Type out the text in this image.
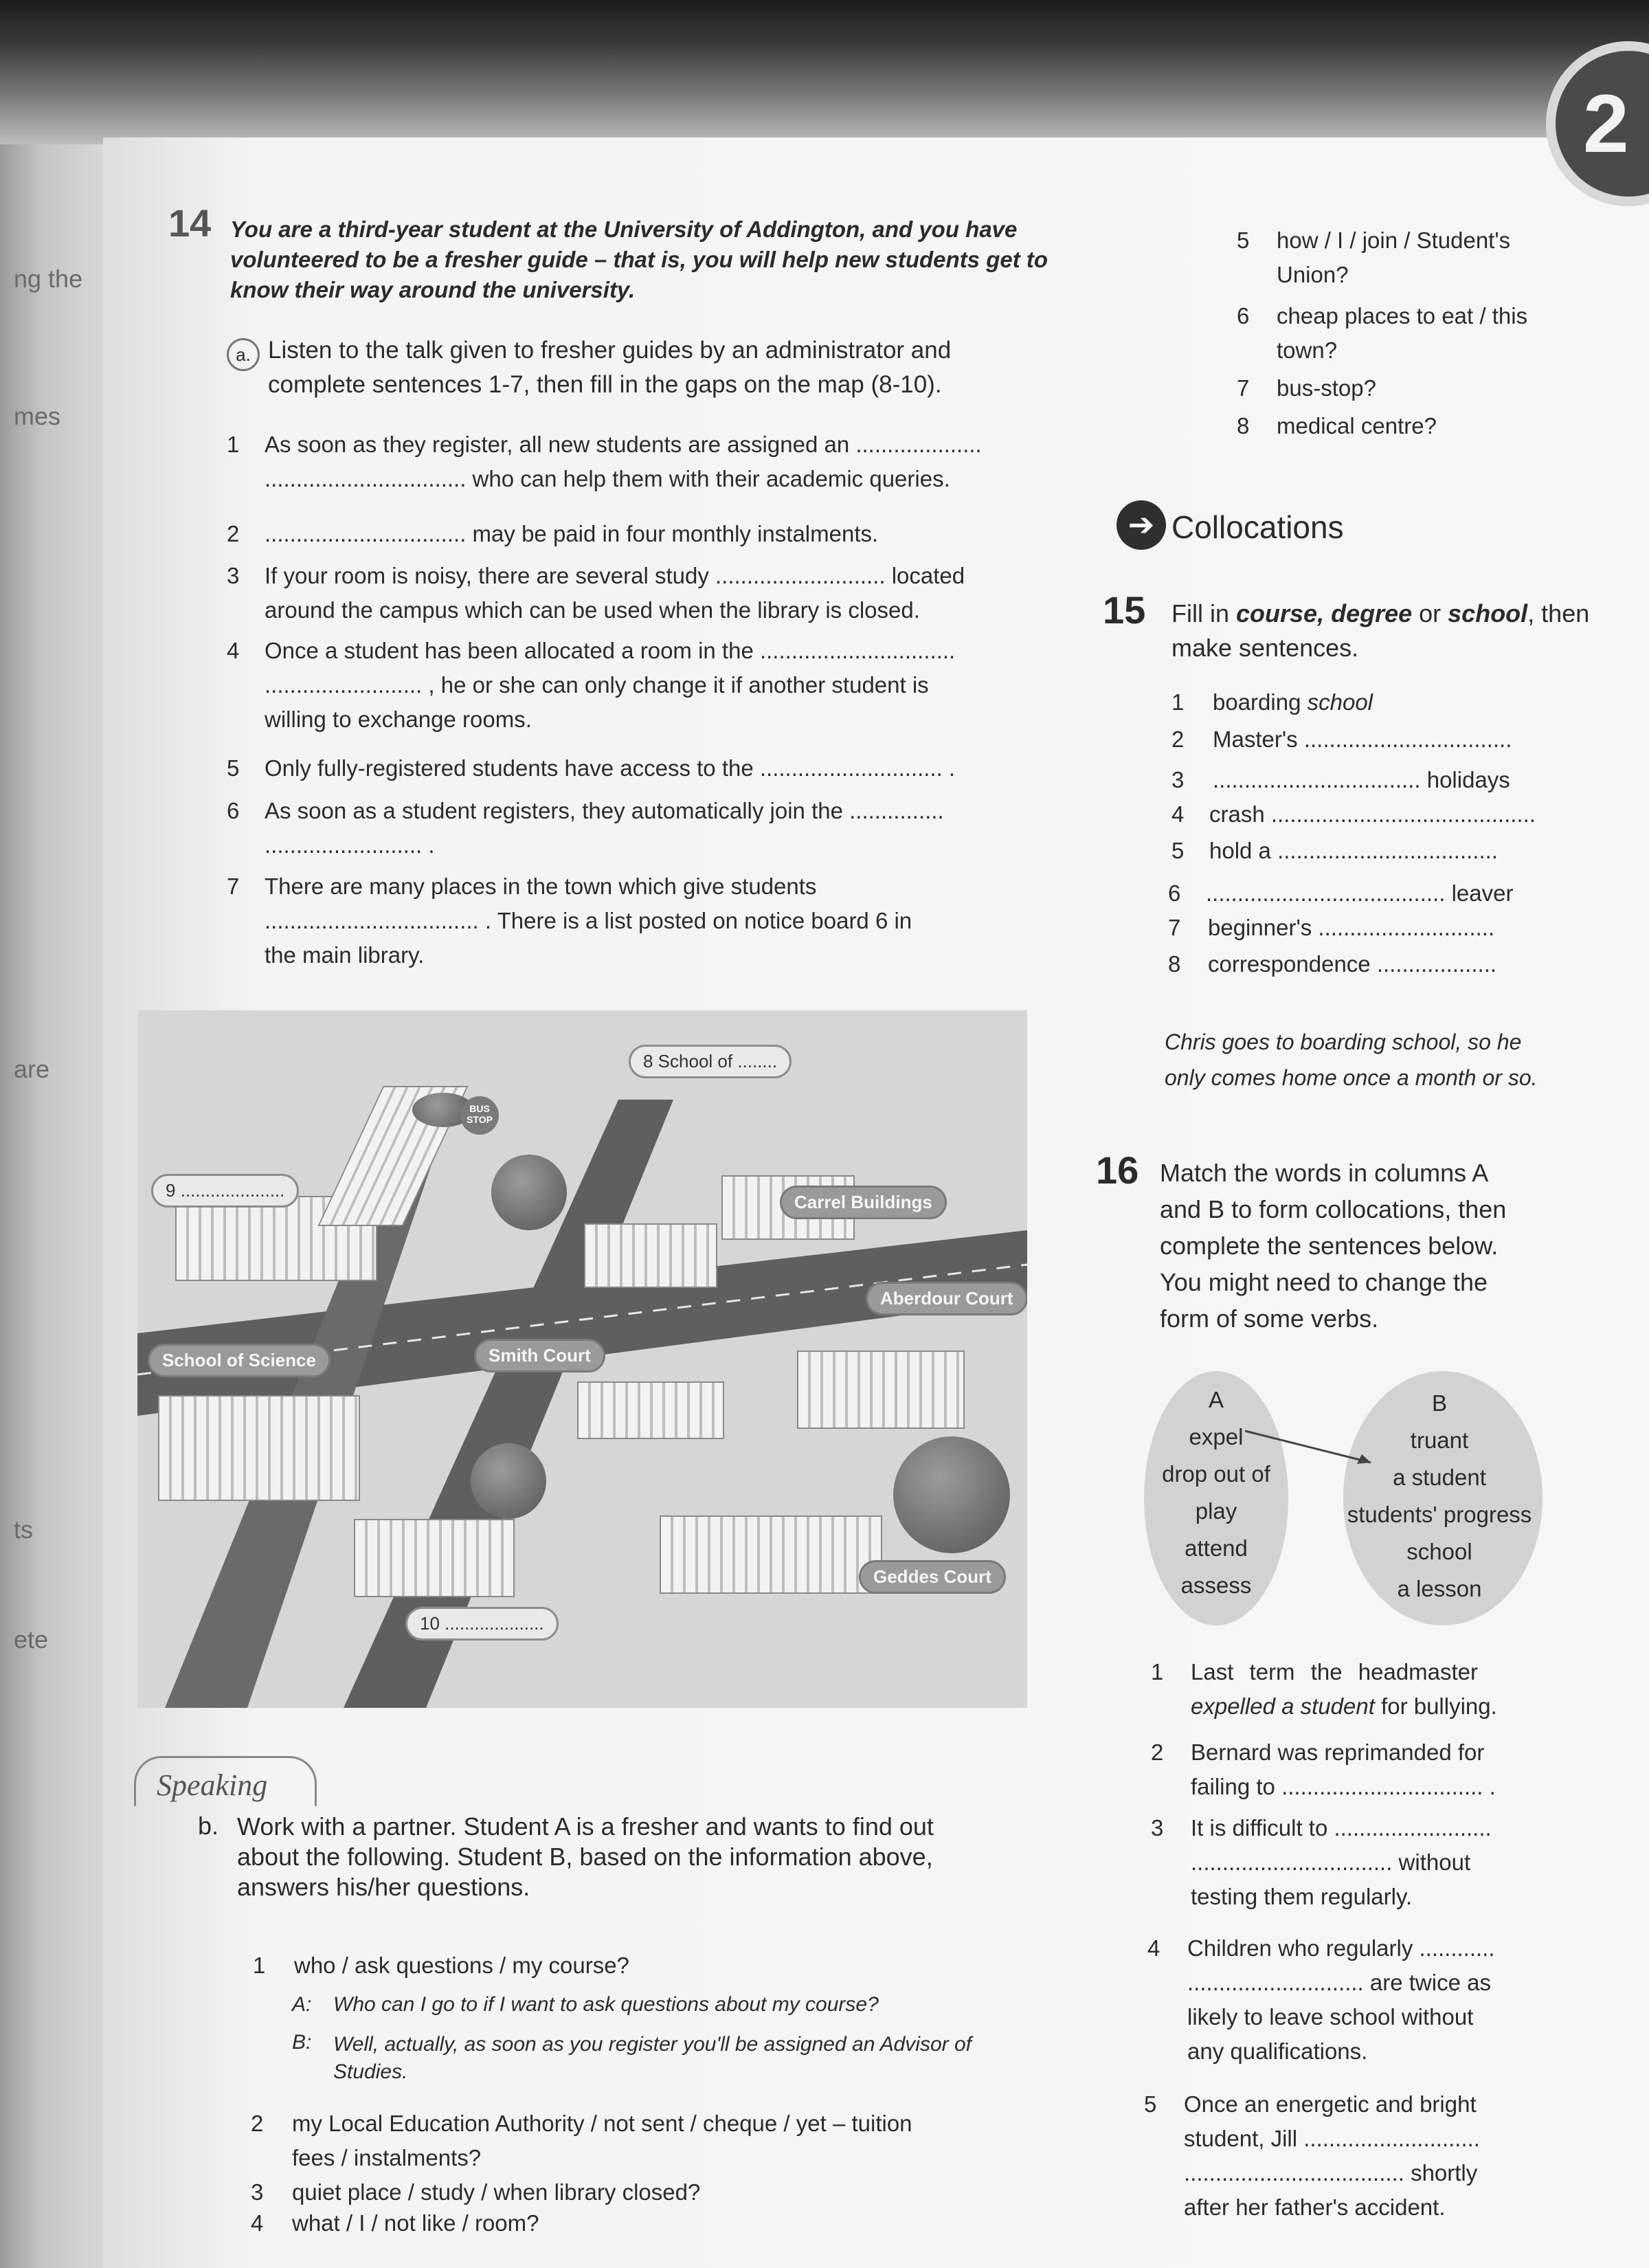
2
ng the
mes
are
ts
ete
14 You are a third-year student at the University of Addington, and you have
volunteered to be a fresher guide – that is, you will help new students get to
know their way around the university.
a. Listen to the talk given to fresher guides by an administrator and
complete sentences 1-7, then fill in the gaps on the map (8-10).
1 As soon as they register, all new students are assigned an ....................
................................ who can help them with their academic queries.
2 ................................ may be paid in four monthly instalments.
3 If your room is noisy, there are several study ........................... located
around the campus which can be used when the library is closed.
4 Once a student has been allocated a room in the ...............................
......................... , he or she can only change it if another student is
willing to exchange rooms.
5 Only fully-registered students have access to the ............................. .
6 As soon as a student registers, they automatically join the ...............
......................... .
7 There are many places in the town which give students
.................................. . There is a list posted on notice board 6 in
the main library.
BUS STOP
8 School of ........
9 .....................
Carrel Buildings
Aberdour Court
School of Science	Smith Court
Geddes Court
10 ....................
Speaking
b. Work with a partner. Student A is a fresher and wants to find out
about the following. Student B, based on the information above,
answers his/her questions.
1 who / ask questions / my course?
A: Who can I go to if I want to ask questions about my course?
B: Well, actually, as soon as you register you'll be assigned an Advisor of
Studies.
2 my Local Education Authority / not sent / cheque / yet – tuition
fees / instalments?
3 quiet place / study / when library closed?
4 what / I / not like / room?
5 how / I / join / Student's
Union?
6 cheap places to eat / this
town?
7 bus-stop?
8 medical centre?
➔ Collocations
15 Fill in course, degree or school, then
make sentences.
1 boarding school
2 Master's .................................
3 ................................. holidays
4 crash ..........................................
5 hold a ...................................
6 ...................................... leaver
7 beginner's ............................
8 correspondence ...................
Chris goes to boarding school, so he
only comes home once a month or so.
16 Match the words in columns A
and B to form collocations, then
complete the sentences below.
You might need to change the
form of some verbs.
A
expel
drop out of
play
attend
assess
B
truant
a student
students' progress
school
a lesson
1 Last term the headmaster
expelled a student for bullying.
2 Bernard was reprimanded for
failing to ................................ .
3 It is difficult to .........................
................................ without
testing them regularly.
4 Children who regularly ............
............................ are twice as
likely to leave school without
any qualifications.
5 Once an energetic and bright
student, Jill ............................
................................... shortly
after her father's accident.
